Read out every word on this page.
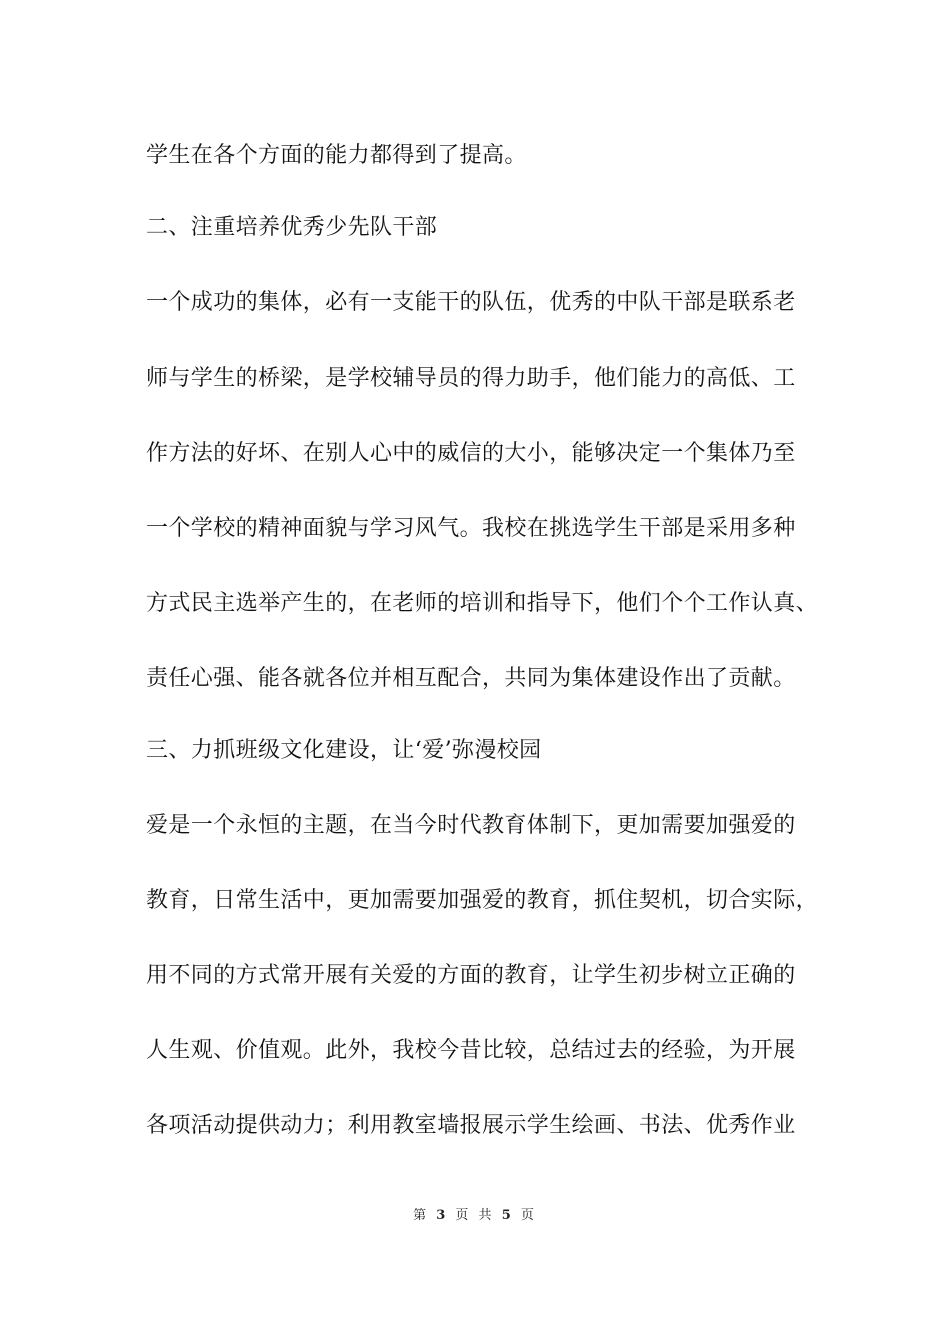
学生在各个方面的能力都得到了提高。
二、注重培养优秀少先队干部
一个成功的集体，必有一支能干的队伍，优秀的中队干部是联系老
师与学生的桥梁，是学校辅导员的得力助手，他们能力的高低、工
作方法的好坏、在别人心中的威信的大小，能够决定一个集体乃至
一个学校的精神面貌与学习风气。我校在挑选学生干部是采用多种
方式民主选举产生的，在老师的培训和指导下，他们个个工作认真、
责任心强、能各就各位并相互配合，共同为集体建设作出了贡献。
三、力抓班级文化建设，让‘爱’弥漫校园
爱是一个永恒的主题，在当今时代教育体制下，更加需要加强爱的
教育，日常生活中，更加需要加强爱的教育，抓住契机，切合实际，
用不同的方式常开展有关爱的方面的教育，让学生初步树立正确的
人生观、价值观。此外，我校今昔比较，总结过去的经验，为开展
各项活动提供动力；利用教室墙报展示学生绘画、书法、优秀作业
第 3 页 共 5 页
